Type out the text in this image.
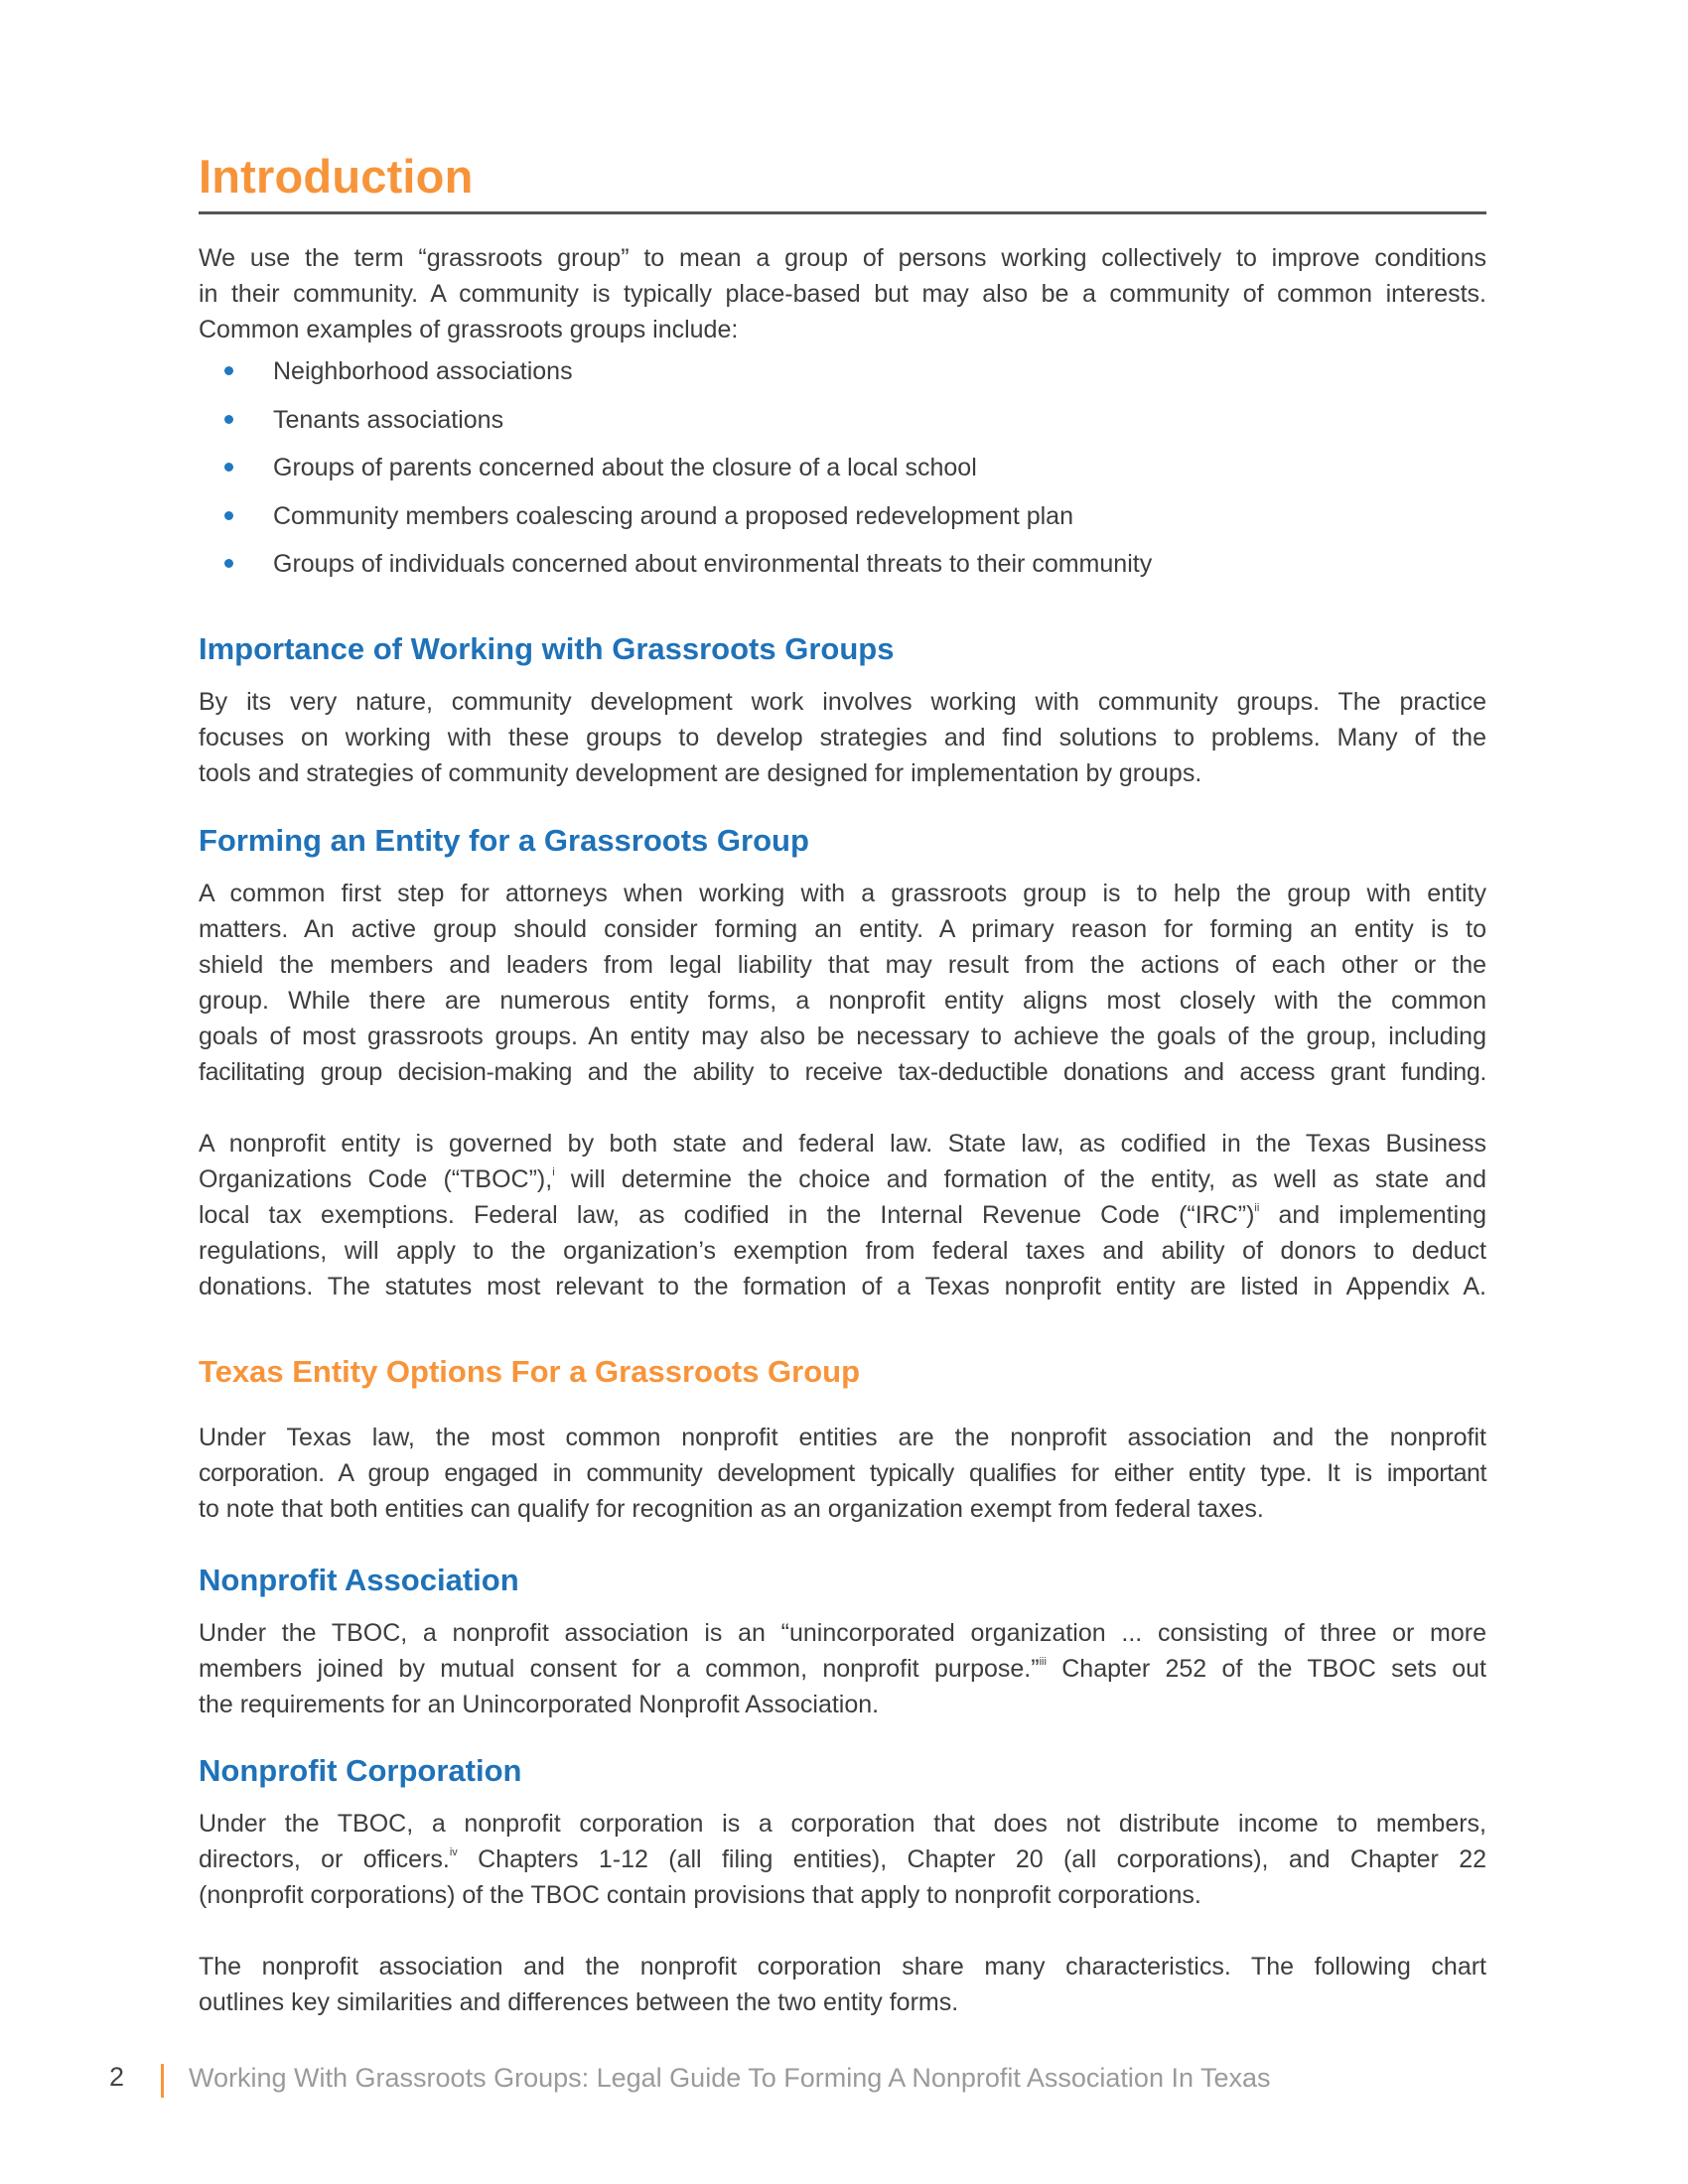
Introduction

We use the term “grassroots group” to mean a group of persons working collectively to improve conditions

in their community. A community is typically place-based but may also be a community of common interests.

Common examples of grassroots groups include:

Neighborhood associations
Tenants associations
Groups of parents concerned about the closure of a local school
Community members coalescing around a proposed redevelopment plan
Groups of individuals concerned about environmental threats to their community
Importance of Working with Grassroots Groups

By its very nature, community development work involves working with community groups. The practice

focuses on working with these groups to develop strategies and find solutions to problems. Many of the

tools and strategies of community development are designed for implementation by groups.

Forming an Entity for a Grassroots Group

A common first step for attorneys when working with a grassroots group is to help the group with entity

matters. An active group should consider forming an entity. A primary reason for forming an entity is to

shield the members and leaders from legal liability that may result from the actions of each other or the

group. While there are numerous entity forms, a nonprofit entity aligns most closely with the common

goals of most grassroots groups. An entity may also be necessary to achieve the goals of the group, including

facilitating group decision-making and the ability to receive tax-deductible donations and access grant funding.

A nonprofit entity is governed by both state and federal law. State law, as codified in the Texas Business

Organizations Code (“TBOC”),$^i$ will determine the choice and formation of the entity, as well as state and

local tax exemptions. Federal law, as codified in the Internal Revenue Code (“IRC”)$^{ii}$ and implementing

regulations, will apply to the organization’s exemption from federal taxes and ability of donors to deduct

donations. The statutes most relevant to the formation of a Texas nonprofit entity are listed in Appendix A.

Texas Entity Options For a Grassroots Group

Under Texas law, the most common nonprofit entities are the nonprofit association and the nonprofit

corporation. A group engaged in community development typically qualifies for either entity type. It is important

to note that both entities can qualify for recognition as an organization exempt from federal taxes.

Nonprofit Association

Under the TBOC, a nonprofit association is an “unincorporated organization ... consisting of three or more

members joined by mutual consent for a common, nonprofit purpose.”$^{iii}$ Chapter 252 of the TBOC sets out

the requirements for an Unincorporated Nonprofit Association.

Nonprofit Corporation

Under the TBOC, a nonprofit corporation is a corporation that does not distribute income to members,

directors, or officers.$^{iv}$ Chapters 1-12 (all filing entities), Chapter 20 (all corporations), and Chapter 22

(nonprofit corporations) of the TBOC contain provisions that apply to nonprofit corporations.

The nonprofit association and the nonprofit corporation share many characteristics. The following chart

outlines key similarities and differences between the two entity forms.

2 Working With Grassroots Groups: Legal Guide To Forming A Nonprofit Association In Texas
